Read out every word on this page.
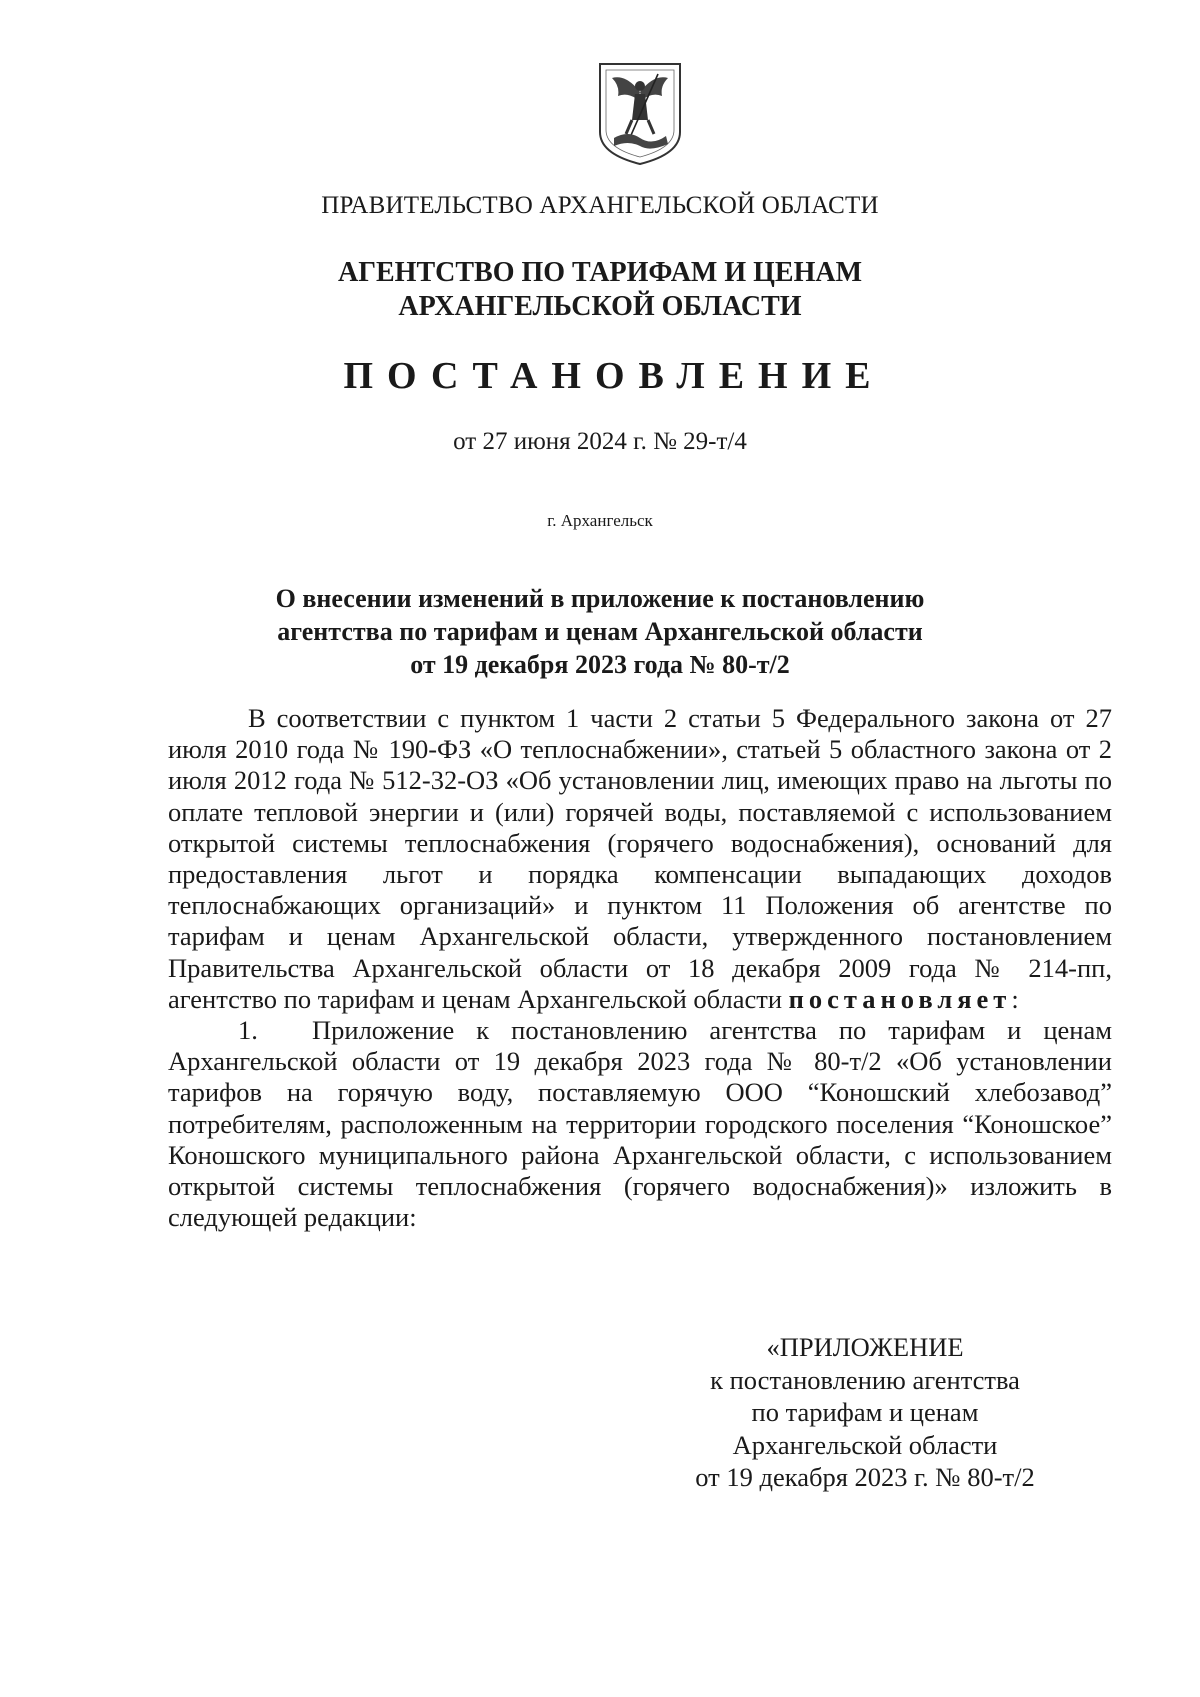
ПРАВИТЕЛЬСТВО АРХАНГЕЛЬСКОЙ ОБЛАСТИ
АГЕНТСТВО ПО ТАРИФАМ И ЦЕНАМ
АРХАНГЕЛЬСКОЙ ОБЛАСТИ
ПОСТАНОВЛЕНИЕ
от 27 июня 2024 г. № 29-т/4
г. Архангельск
О внесении изменений в приложение к постановлению
агентства по тарифам и ценам Архангельской области
от 19 декабря 2023 года № 80-т/2

В соответствии с пунктом 1 части 2 статьи 5 Федерального закона от 27 июля 2010 года № 190-ФЗ «О теплоснабжении», статьей 5 областного закона от 2 июля 2012 года № 512-32-ОЗ «Об установлении лиц, имеющих право на льготы по оплате тепловой энергии и (или) горячей воды, поставляемой с использованием открытой системы теплоснабжения (горячего водоснабжения), оснований для предоставления льгот и порядка компенсации выпадающих доходов теплоснабжающих организаций» и пунктом 11 Положения об агентстве по тарифам и ценам Архангельской области, утвержденного постановлением Правительства Архангельской области от 18 декабря 2009 года № 214-пп, агентство по тарифам и ценам Архангельской области постановляет:

1. Приложение к постановлению агентства по тарифам и ценам Архангельской области от 19 декабря 2023 года № 80-т/2 «Об установлении тарифов на горячую воду, поставляемую ООО “Коношский хлебозавод” потребителям, расположенным на территории городского поселения “Коношское” Коношского муниципального района Архангельской области, с использованием открытой системы теплоснабжения (горячего водоснабжения)» изложить в следующей редакции:

«ПРИЛОЖЕНИЕ
к постановлению агентства
по тарифам и ценам
Архангельской области
от 19 декабря 2023 г. № 80-т/2
